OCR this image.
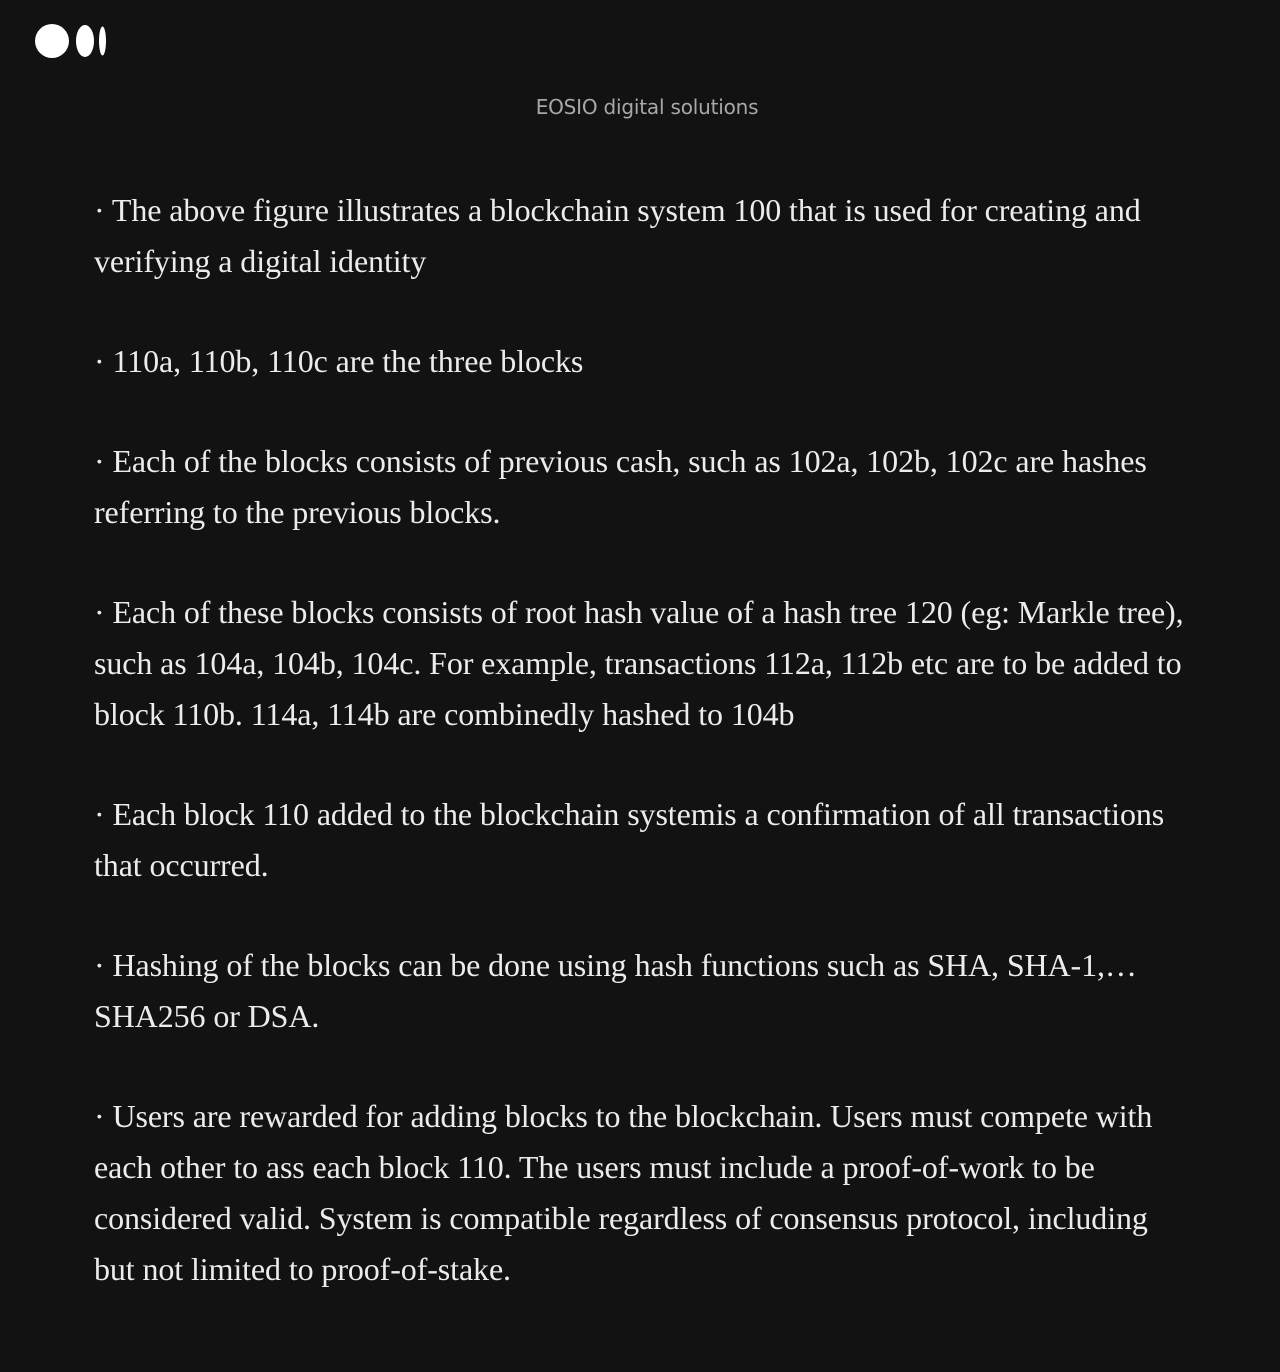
EOSIO digital solutions

· The above figure illustrates a blockchain system 100 that is used for creating and verifying a digital identity

· 110a, 110b, 110c are the three blocks

· Each of the blocks consists of previous cash, such as 102a, 102b, 102c are hashes referring to the previous blocks.

· Each of these blocks consists of root hash value of a hash tree 120 (eg: Markle tree), such as 104a, 104b, 104c. For example, transactions 112a, 112b etc are to be added to block 110b. 114a, 114b are combinedly hashed to 104b

· Each block 110 added to the blockchain systemis a confirmation of all transactions that occurred.

· Hashing of the blocks can be done using hash functions such as SHA, SHA-1,… SHA256 or DSA.

· Users are rewarded for adding blocks to the blockchain. Users must compete with each other to ass each block 110. The users must include a proof-of-work to be considered valid. System is compatible regardless of consensus protocol, including but not limited to proof-of-stake.
